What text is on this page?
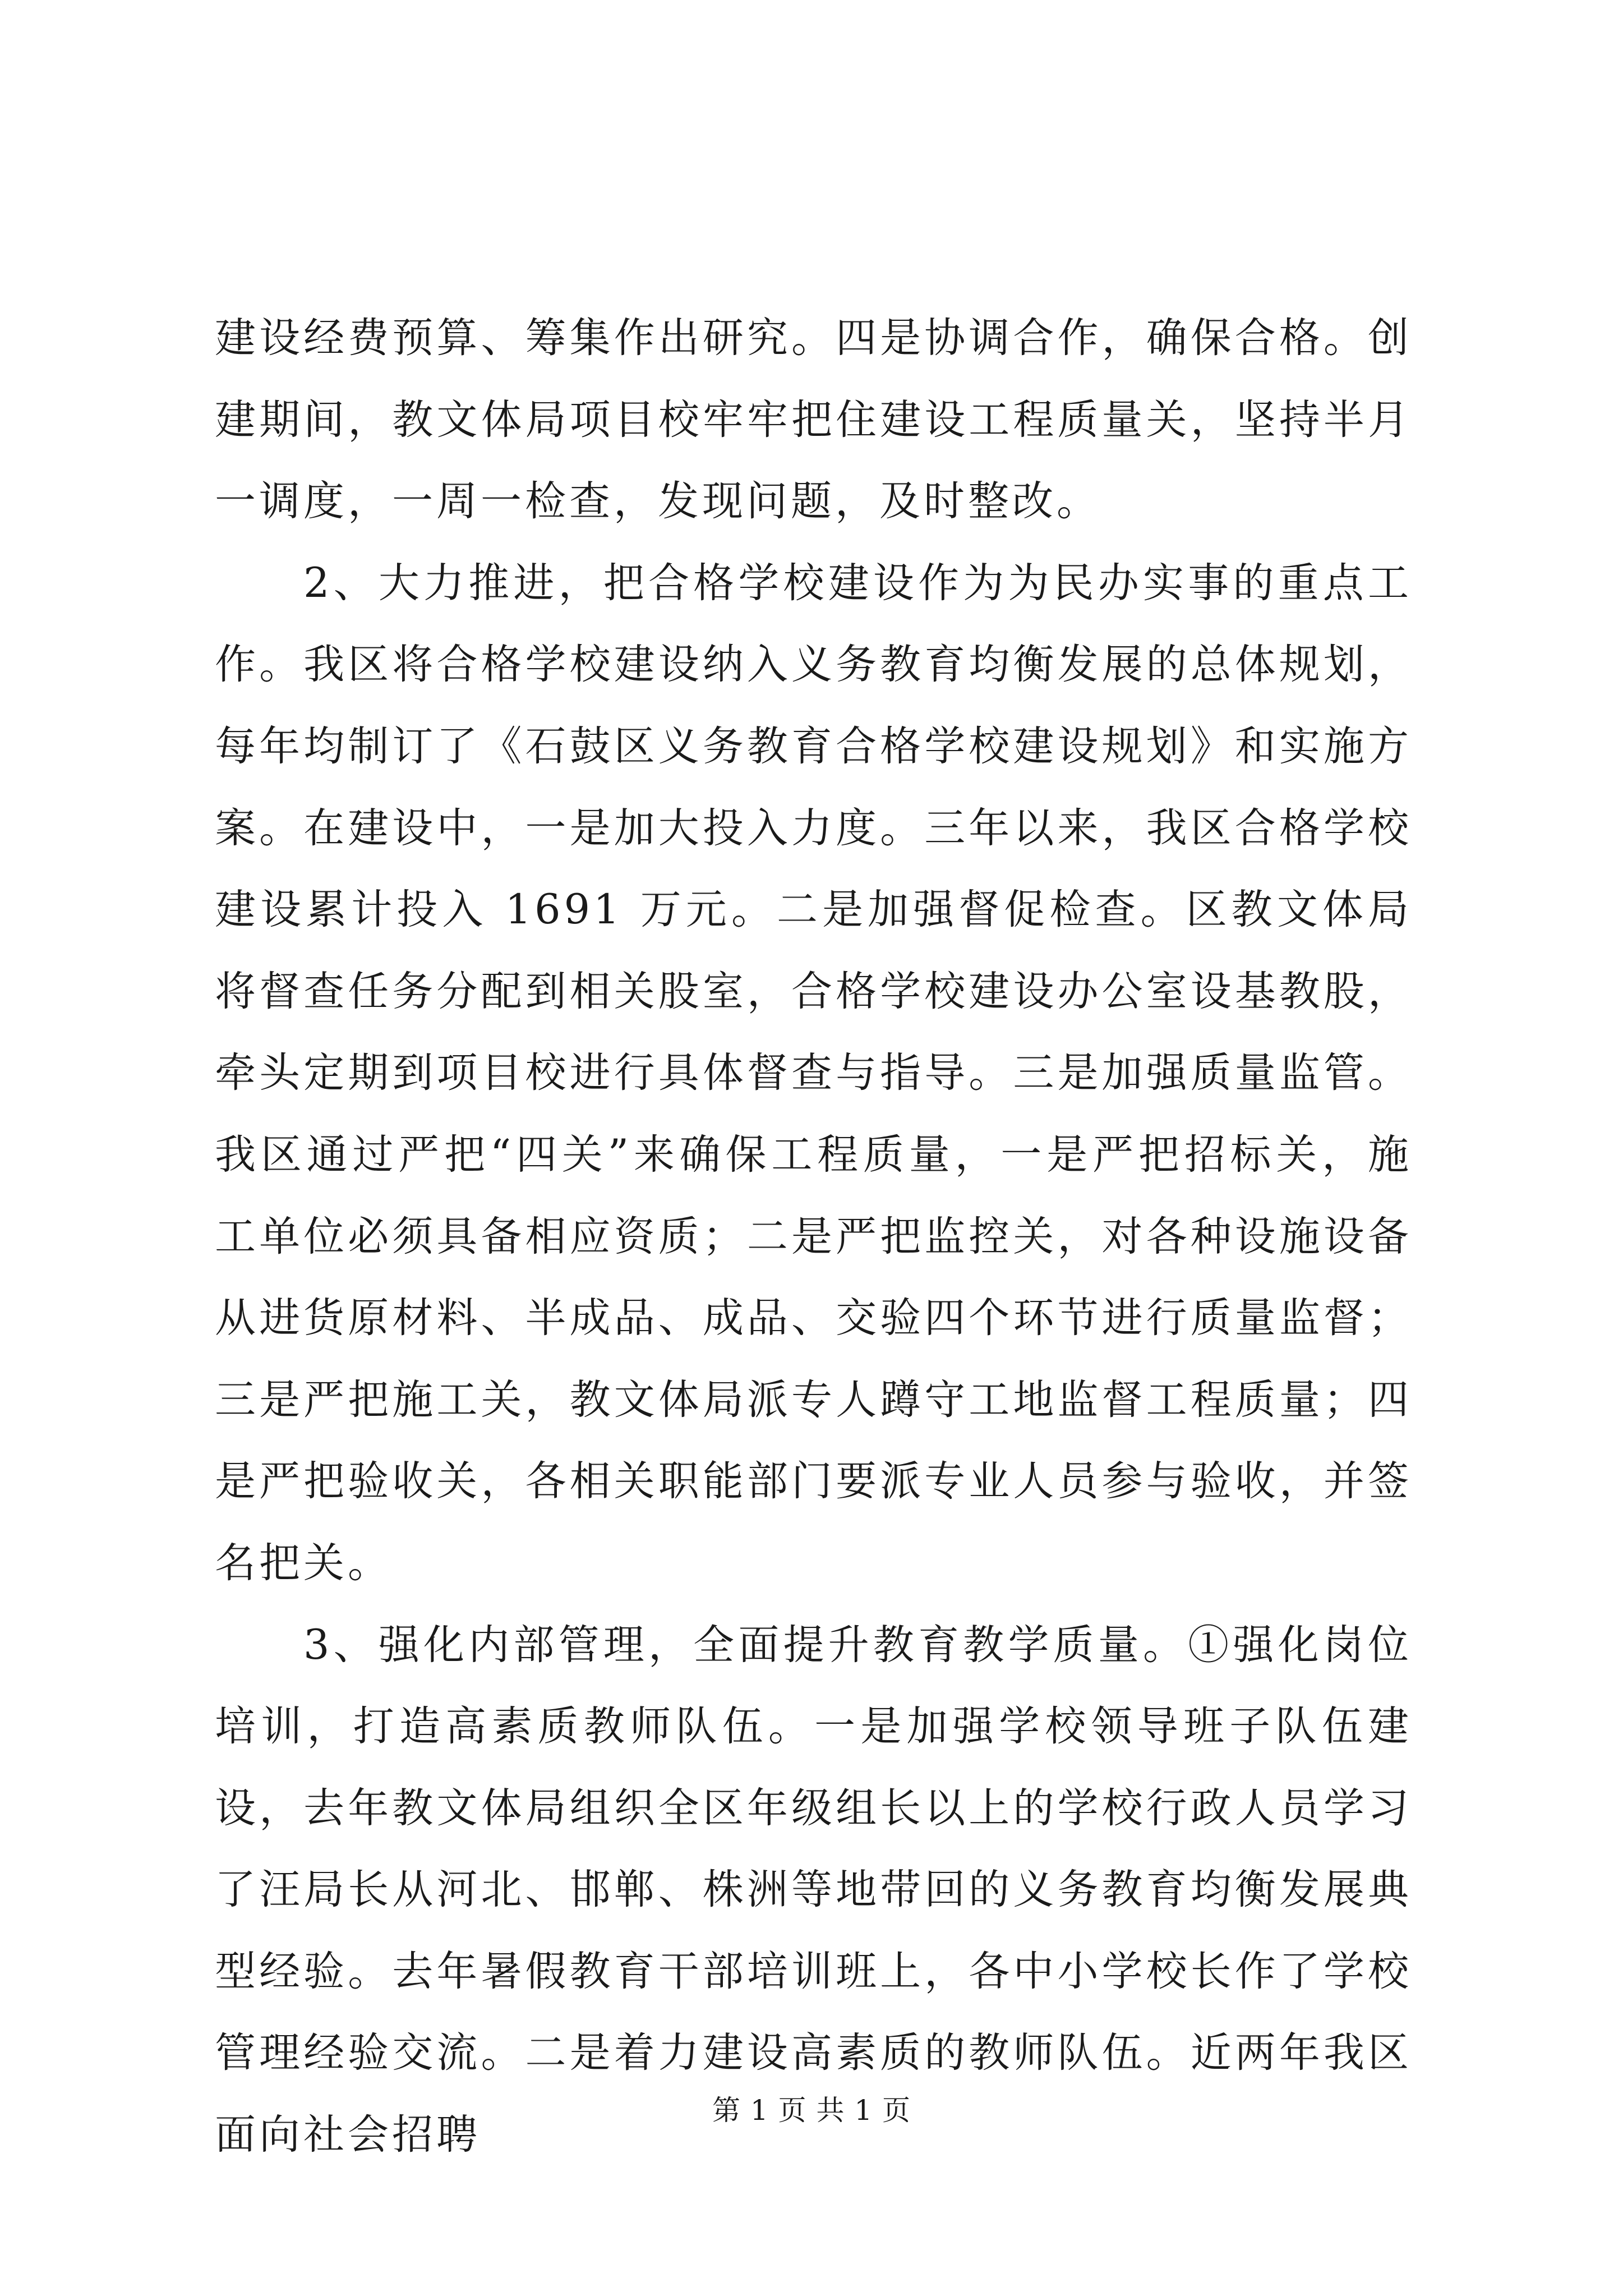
建设经费预算、筹集作出研究。四是协调合作，确保合格。创建期间，教文体局项目校牢牢把住建设工程质量关，坚持半月一调度，一周一检查，发现问题，及时整改。

2、大力推进，把合格学校建设作为为民办实事的重点工作。我区将合格学校建设纳入义务教育均衡发展的总体规划，每年均制订了《石鼓区义务教育合格学校建设规划》和实施方案。在建设中，一是加大投入力度。三年以来，我区合格学校建设累计投入 1691 万元。二是加强督促检查。区教文体局将督查任务分配到相关股室，合格学校建设办公室设基教股，牵头定期到项目校进行具体督查与指导。三是加强质量监管。我区通过严把“四关”来确保工程质量，一是严把招标关，施工单位必须具备相应资质；二是严把监控关，对各种设施设备从进货原材料、半成品、成品、交验四个环节进行质量监督；三是严把施工关，教文体局派专人蹲守工地监督工程质量；四是严把验收关，各相关职能部门要派专业人员参与验收，并签名把关。

3、强化内部管理，全面提升教育教学质量。①强化岗位培训，打造高素质教师队伍。一是加强学校领导班子队伍建设，去年教文体局组织全区年级组长以上的学校行政人员学习了汪局长从河北、邯郸、株洲等地带回的义务教育均衡发展典型经验。去年暑假教育干部培训班上，各中小学校长作了学校管理经验交流。二是着力建设高素质的教师队伍。近两年我区面向社会招聘

第 1 页 共 1 页
